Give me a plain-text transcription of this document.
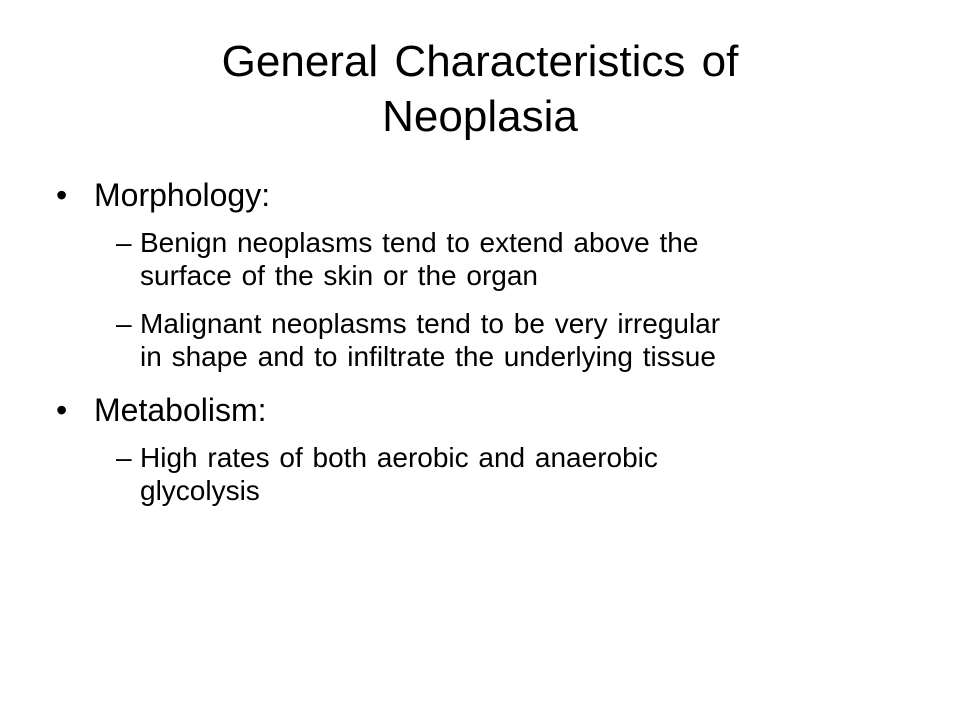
General Characteristics of
Neoplasia
• Morphology:
– Benign neoplasms tend to extend above the
surface of the skin or the organ
– Malignant neoplasms tend to be very irregular
in shape and to infiltrate the underlying tissue
• Metabolism:
– High rates of both aerobic and anaerobic
glycolysis
